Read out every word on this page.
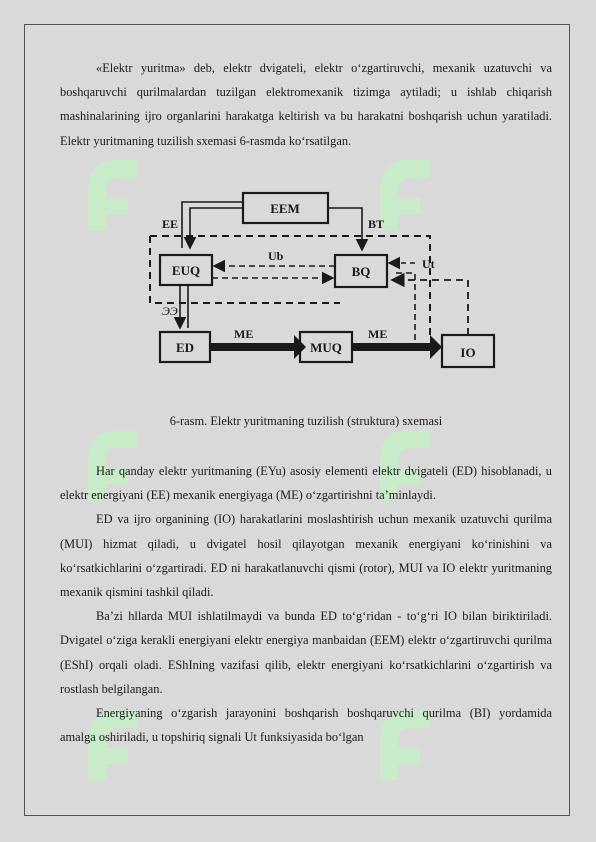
«Elektr yuritma» deb, elektr dvigateli, elektr oʻzgartiruvchi, mexanik uzatuvchi va boshqaruvchi qurilmalardan tuzilgan elektromexanik tizimga aytiladi; u ishlab chiqarish mashinalarining ijro organlarini harakatga keltirish va bu harakatni boshqarish uchun yaratiladi. Elektr yuritmaning tuzilish sxemasi 6-rasmda koʻrsatilgan.

EEM
EE	BT
EUQ	BQ
Ub
Ut
ЭЭ
ED
ME
MUQ
ME
IO
6-rasm. Elektr yuritmaning tuzilish (struktura) sxemasi

Har qanday elektr yuritmaning (EYu) asosiy elementi elektr dvigateli (ED) hisoblanadi, u elektr energiyani (EE) mexanik energiyaga (ME) oʻzgartirishni taʼminlaydi.

ED va ijro organining (IO) harakatlarini moslashtirish uchun mexanik uzatuvchi qurilma (MUI) hizmat qiladi, u dvigatel hosil qilayotgan mexanik energiyani koʻrinishini va koʻrsatkichlarini oʻzgartiradi. ED ni harakatlanuvchi qismi (rotor), MUI va IO elektr yuritmaning mexanik qismini tashkil qiladi.

Baʼzi hllarda MUI ishlatilmaydi va bunda ED toʻgʻridan - toʻgʻri IO bilan biriktiriladi. Dvigatel oʻziga kerakli energiyani elektr energiya manbaidan (EEM) elektr oʻzgartiruvchi qurilma (EShI) orqali oladi. EShIning vazifasi qilib, elektr energiyani koʻrsatkichlarini oʻzgartirish va rostlash belgilangan.

Energiyaning oʻzgarish jarayonini boshqarish boshqaruvchi qurilma (BI) yordamida amalga oshiriladi, u topshiriq signali Ut funksiyasida boʻlgan
